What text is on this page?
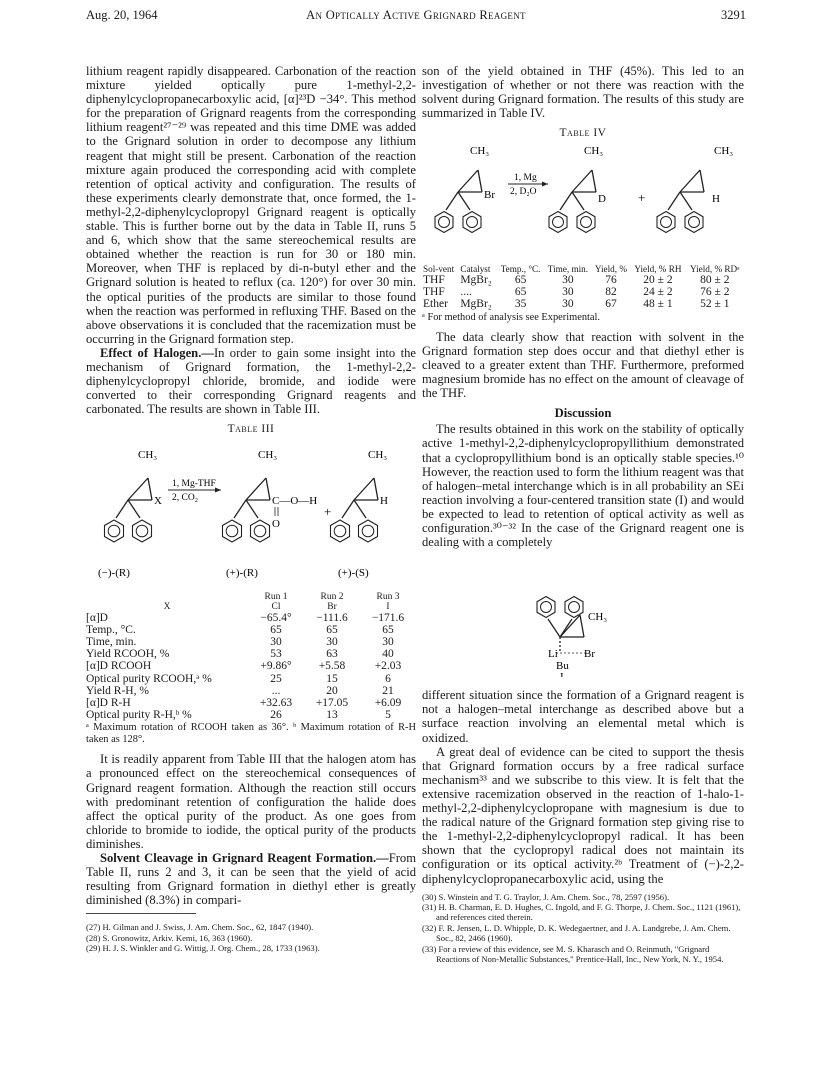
Aug. 20, 1964	An Optically Active Grignard Reagent	3291

lithium reagent rapidly disappeared. Carbonation of the reaction mixture yielded optically pure 1-methyl-2,2-diphenylcyclopropanecarboxylic acid, [α]²³D −34°. This method for the preparation of Grignard reagents from the corresponding lithium reagent²⁷⁻²⁹ was repeated and this time DME was added to the Grignard solution in order to decompose any lithium reagent that might still be present. Carbonation of the reaction mixture again produced the corresponding acid with complete retention of optical activity and configuration. The results of these experiments clearly demonstrate that, once formed, the 1-methyl-2,2-diphenylcyclopropyl Grignard reagent is optically stable. This is further borne out by the data in Table II, runs 5 and 6, which show that the same stereochemical results are obtained whether the reaction is run for 30 or 180 min. Moreover, when THF is replaced by di-n-butyl ether and the Grignard solution is heated to reflux (ca. 120°) for over 30 min. the optical purities of the products are similar to those found when the reaction was performed in refluxing THF. Based on the above observations it is concluded that the racemization must be occurring in the Grignard formation step.

Effect of Halogen.—In order to gain some insight into the mechanism of Grignard formation, the 1-methyl-2,2-diphenylcyclopropyl chloride, bromide, and iodide were converted to their corresponding Grignard reagents and carbonated. The results are shown in Table III.

Table III
CH₃
X
1, Mg-THF
2, CO₂
CH₃
C—O—H
O
+
CH₃
H
(−)-(R)	(+)-(R)	(+)-(S)
	Run 1	Run 2	Run 3
X	Cl	Br	I
[α]D	−65.4°	−111.6	−171.6
Temp., °C.	65	65	65
Time, min.	30	30	30
Yield RCOOH, %	53	63	40
[α]D RCOOH	+9.86°	+5.58	+2.03
Optical purity RCOOH,ᵃ %	25	15	6
Yield R-H, %	...	20	21
[α]D R-H	+32.63	+17.05	+6.09
Optical purity R-H,ᵇ %	26	13	5
ᵃ Maximum rotation of RCOOH taken as 36°. ᵇ Maximum rotation of R-H taken as 128°.

It is readily apparent from Table III that the halogen atom has a pronounced effect on the stereochemical consequences of Grignard reagent formation. Although the reaction still occurs with predominant retention of configuration the halide does affect the optical purity of the product. As one goes from chloride to bromide to iodide, the optical purity of the products diminishes.

Solvent Cleavage in Grignard Reagent Formation.—From Table II, runs 2 and 3, it can be seen that the yield of acid resulting from Grignard formation in diethyl ether is greatly diminished (8.3%) in compari-

(27) H. Gilman and J. Swiss, J. Am. Chem. Soc., 62, 1847 (1940).
(28) S. Gronowitz, Arkiv. Kemi, 16, 363 (1960).
(29) H. J. S. Winkler and G. Wittig, J. Org. Chem., 28, 1733 (1963).

son of the yield obtained in THF (45%). This led to an investigation of whether or not there was reaction with the solvent during Grignard formation. The results of this study are summarized in Table IV.

Table IV
CH₃
Br
1, Mg
2, D₂O
CH₃
D +
CH₃
H
Sol-vent	Catalyst	Temp., °C.	Time, min.	Yield, %	Yield, % RH	Yield, % RDᵃ
THF	MgBr₂	65	30	76	20 ± 2	80 ± 2
THF	....	65	30	82	24 ± 2	76 ± 2
Ether	MgBr₂	35	30	67	48 ± 1	52 ± 1
ᵃ For method of analysis see Experimental.

The data clearly show that reaction with solvent in the Grignard formation step does occur and that diethyl ether is cleaved to a greater extent than THF. Furthermore, preformed magnesium bromide has no effect on the amount of cleavage of the THF.

Discussion

The results obtained in this work on the stability of optically active 1-methyl-2,2-diphenylcyclopropyllithium demonstrated that a cyclopropyllithium bond is an optically stable species.¹⁰ However, the reaction used to form the lithium reagent was that of halogen–metal interchange which is in all probability an SEi reaction involving a four-centered transition state (I) and would be expected to lead to retention of optical activity as well as configuration.³⁰⁻³² In the case of the Grignard reagent one is dealing with a completely

CH₃
Li Br
Bu
I

different situation since the formation of a Grignard reagent is not a halogen–metal interchange as described above but a surface reaction involving an elemental metal which is oxidized.

A great deal of evidence can be cited to support the thesis that Grignard formation occurs by a free radical surface mechanism³³ and we subscribe to this view. It is felt that the extensive racemization observed in the reaction of 1-halo-1-methyl-2,2-diphenylcyclopropane with magnesium is due to the radical nature of the Grignard formation step giving rise to the 1-methyl-2,2-diphenylcyclopropyl radical. It has been shown that the cyclopropyl radical does not maintain its configuration or its optical activity.²ᵇ Treatment of (−)-2,2-diphenylcyclopropanecarboxylic acid, using the

(30) S. Winstein and T. G. Traylor, J. Am. Chem. Soc., 78, 2597 (1956).
(31) H. B. Charman, E. D. Hughes, C. Ingold, and F. G. Thorpe, J. Chem. Soc., 1121 (1961), and references cited therein.
(32) F. R. Jensen, L. D. Whipple, D. K. Wedegaertner, and J. A. Landgrebe, J. Am. Chem. Soc., 82, 2466 (1960).
(33) For a review of this evidence, see M. S. Kharasch and O. Reinmuth, "Grignard Reactions of Non-Metallic Substances," Prentice-Hall, Inc., New York, N. Y., 1954.
